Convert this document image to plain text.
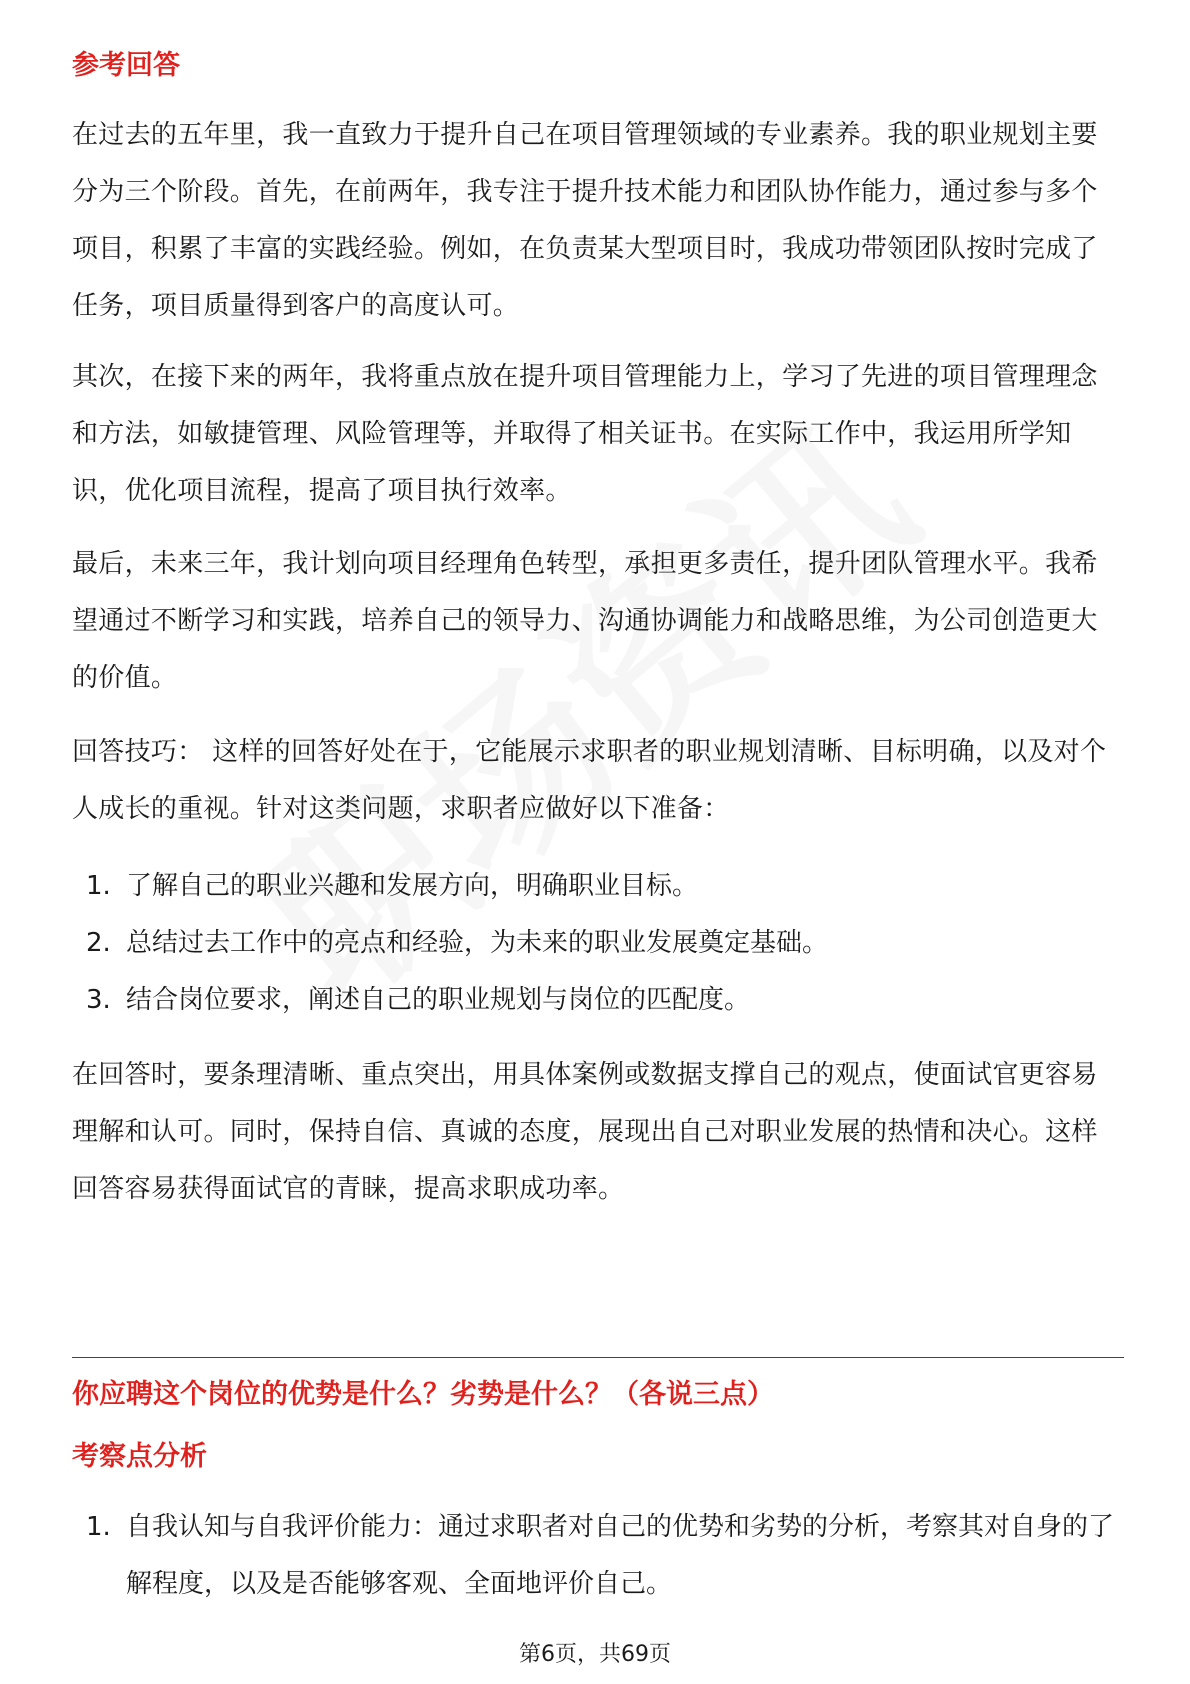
参考回答

在过去的五年里，我一直致力于提升自己在项目管理领域的专业素养。我的职业规划主要分为三个阶段。首先，在前两年，我专注于提升技术能力和团队协作能力，通过参与多个项目，积累了丰富的实践经验。例如，在负责某大型项目时，我成功带领团队按时完成了任务，项目质量得到客户的高度认可。

其次，在接下来的两年，我将重点放在提升项目管理能力上，学习了先进的项目管理理念和方法，如敏捷管理、风险管理等，并取得了相关证书。在实际工作中，我运用所学知识，优化项目流程，提高了项目执行效率。

最后，未来三年，我计划向项目经理角色转型，承担更多责任，提升团队管理水平。我希望通过不断学习和实践，培养自己的领导力、沟通协调能力和战略思维，为公司创造更大的价值。

回答技巧： 这样的回答好处在于，它能展示求职者的职业规划清晰、目标明确，以及对个人成长的重视。针对这类问题，求职者应做好以下准备：

1. 了解自己的职业兴趣和发展方向，明确职业目标。
2. 总结过去工作中的亮点和经验，为未来的职业发展奠定基础。
3. 结合岗位要求，阐述自己的职业规划与岗位的匹配度。

在回答时，要条理清晰、重点突出，用具体案例或数据支撑自己的观点，使面试官更容易理解和认可。同时，保持自信、真诚的态度，展现出自己对职业发展的热情和决心。这样回答容易获得面试官的青睐，提高求职成功率。

你应聘这个岗位的优势是什么？劣势是什么？（各说三点）
考察点分析
1. 自我认知与自我评价能力：通过求职者对自己的优势和劣势的分析，考察其对自身的了解程度，以及是否能够客观、全面地评价自己。
第6页，共69页
